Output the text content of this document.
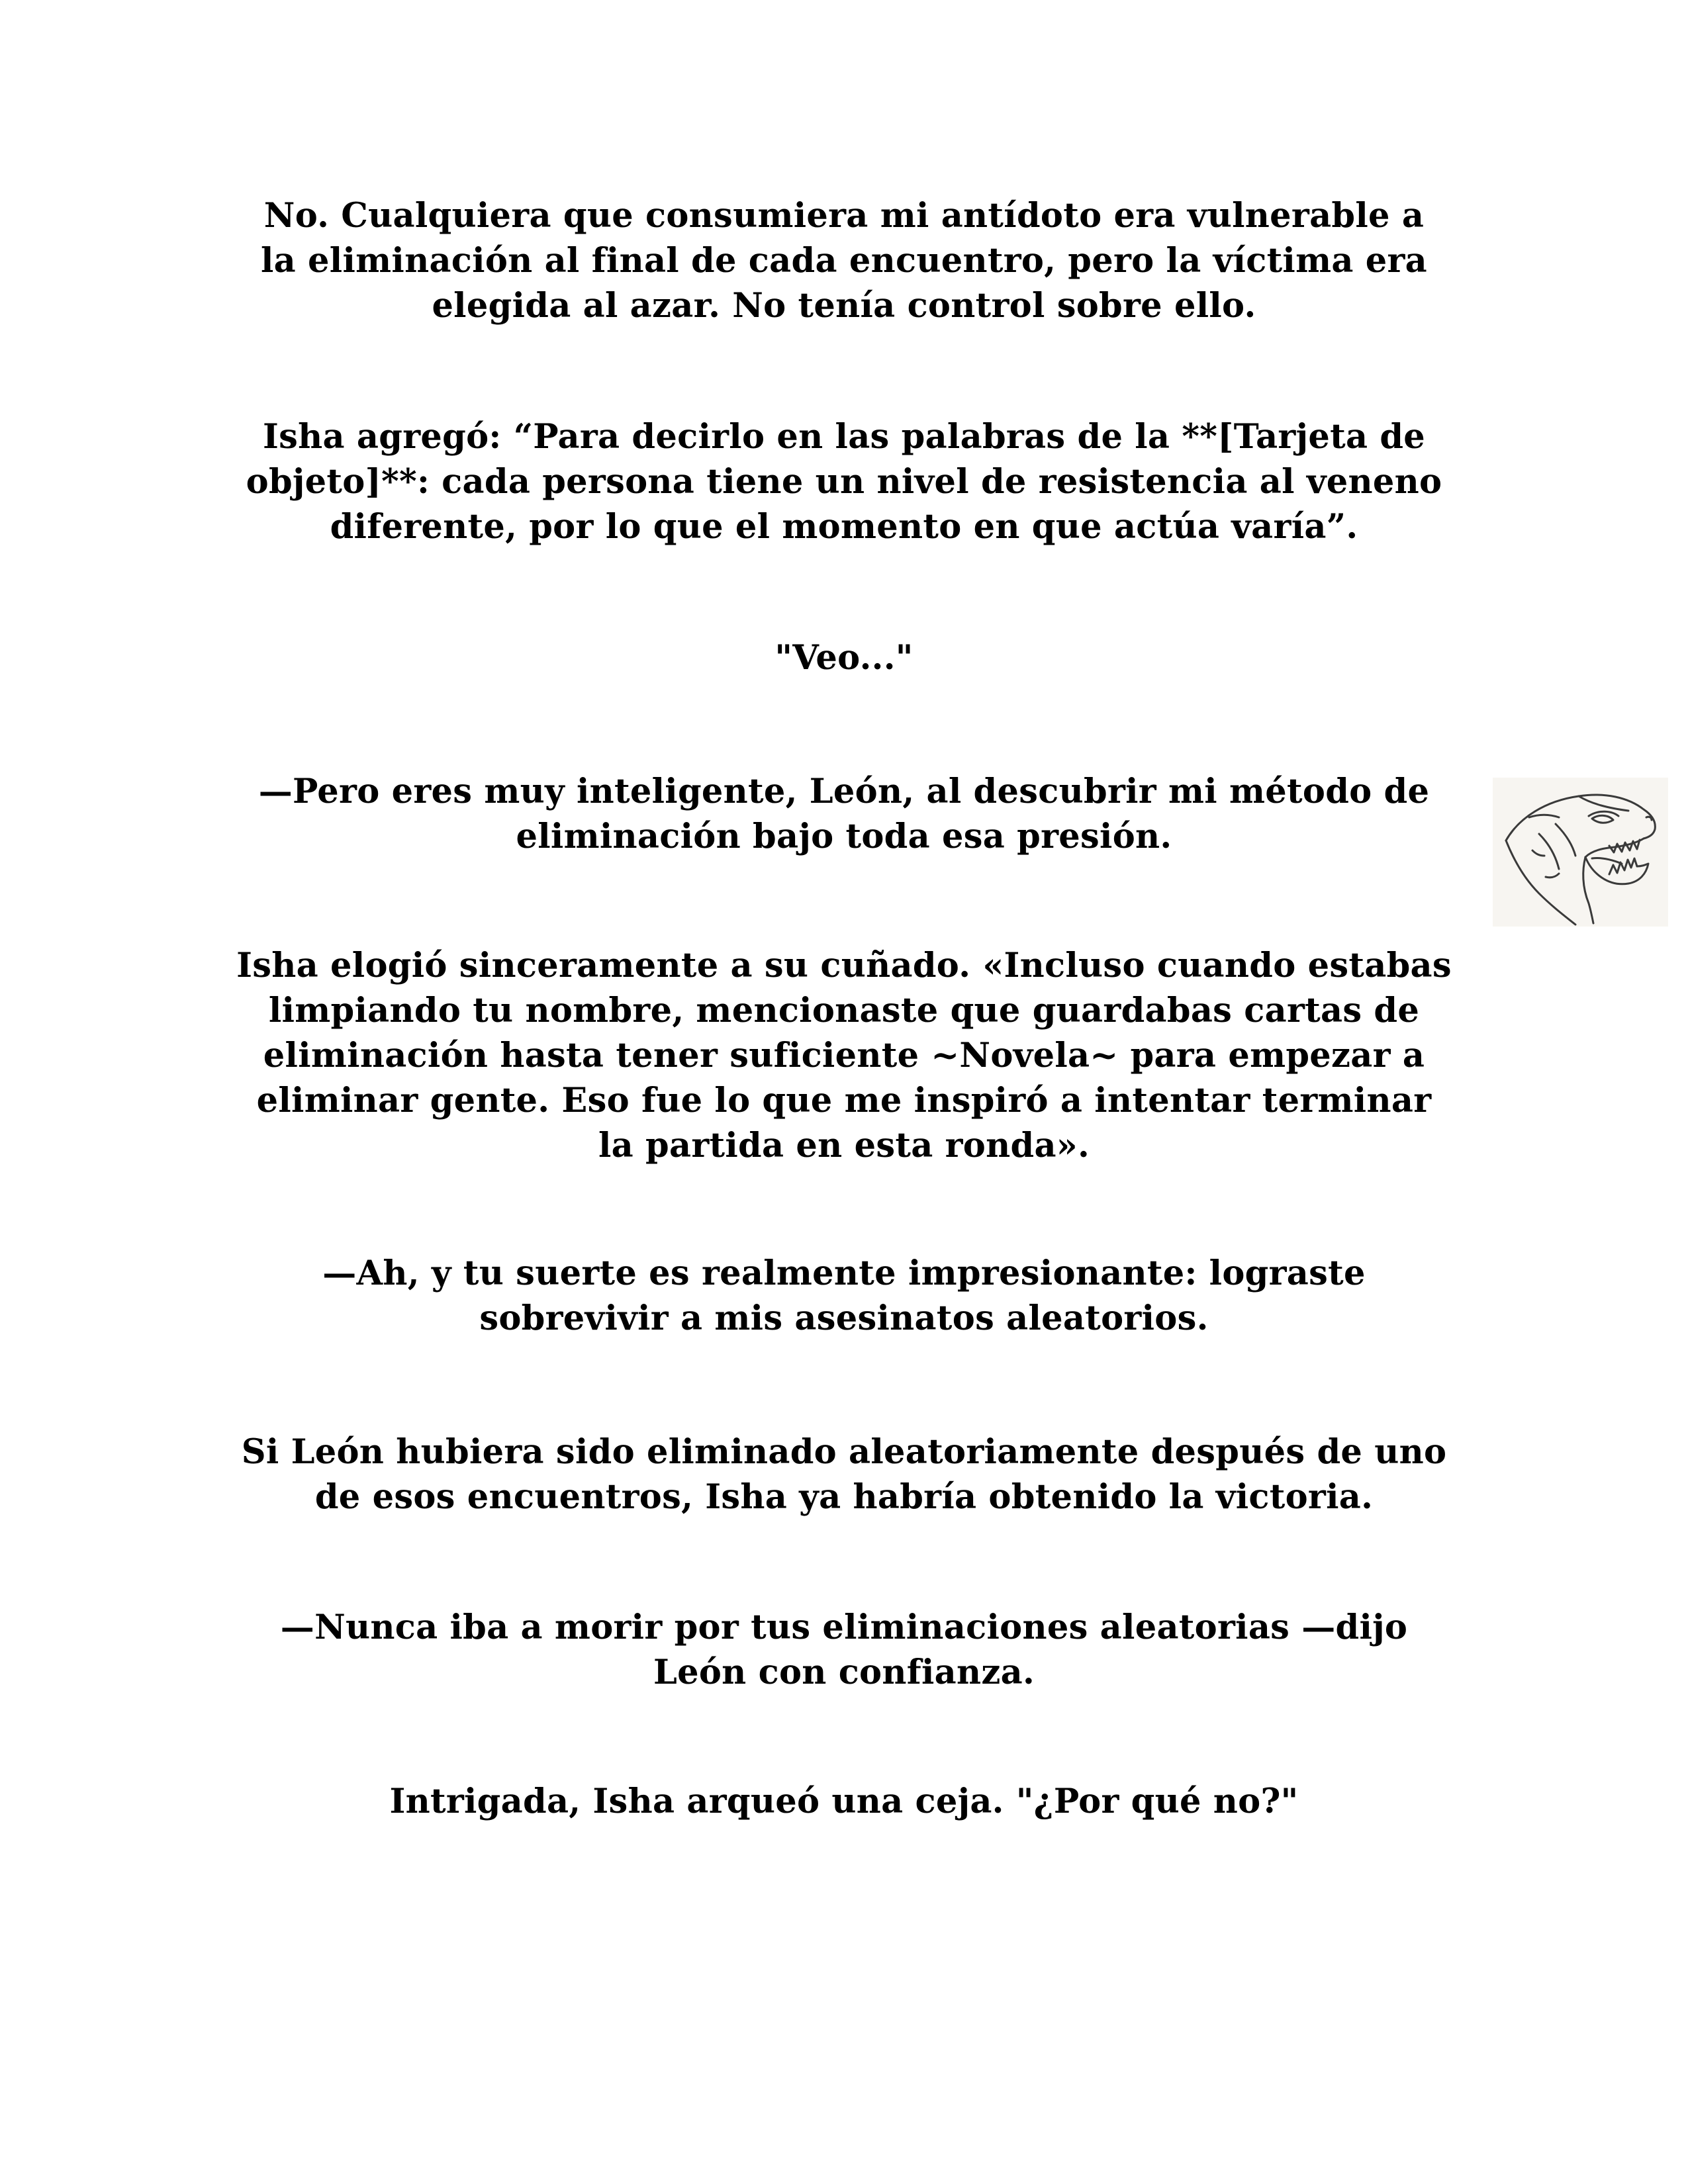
No. Cualquiera que consumiera mi antídoto era vulnerable a
la eliminación al final de cada encuentro, pero la víctima era
elegida al azar. No tenía control sobre ello.

Isha agregó: “Para decirlo en las palabras de la **[Tarjeta de
objeto]**: cada persona tiene un nivel de resistencia al veneno
diferente, por lo que el momento en que actúa varía”.

"Veo..."

—Pero eres muy inteligente, León, al descubrir mi método de
eliminación bajo toda esa presión.

Isha elogió sinceramente a su cuñado. «Incluso cuando estabas
limpiando tu nombre, mencionaste que guardabas cartas de
eliminación hasta tener suficiente ~Novela~ para empezar a
eliminar gente. Eso fue lo que me inspiró a intentar terminar
la partida en esta ronda».

—Ah, y tu suerte es realmente impresionante: lograste
sobrevivir a mis asesinatos aleatorios.

Si León hubiera sido eliminado aleatoriamente después de uno
de esos encuentros, Isha ya habría obtenido la victoria.

—Nunca iba a morir por tus eliminaciones aleatorias —dijo
León con confianza.

Intrigada, Isha arqueó una ceja. "¿Por qué no?"
